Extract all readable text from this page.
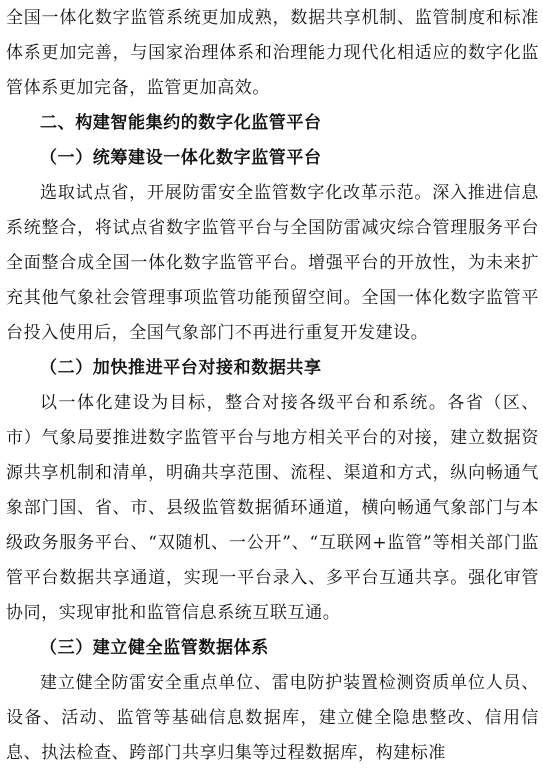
全国一体化数字监管系统更加成熟，数据共享机制、监管制度和标准体系更加完善，与国家治理体系和治理能力现代化相适应的数字化监管体系更加完备，监管更加高效。

二、构建智能集约的数字化监管平台

（一）统筹建设一体化数字监管平台

选取试点省，开展防雷安全监管数字化改革示范。深入推进信息系统整合，将试点省数字监管平台与全国防雷减灾综合管理服务平台全面整合成全国一体化数字监管平台。增强平台的开放性，为未来扩充其他气象社会管理事项监管功能预留空间。全国一体化数字监管平台投入使用后，全国气象部门不再进行重复开发建设。

（二）加快推进平台对接和数据共享

以一体化建设为目标，整合对接各级平台和系统。各省（区、市）气象局要推进数字监管平台与地方相关平台的对接，建立数据资源共享机制和清单，明确共享范围、流程、渠道和方式，纵向畅通气象部门国、省、市、县级监管数据循环通道，横向畅通气象部门与本级政务服务平台、“双随机、一公开”、“互联网+监管”等相关部门监管平台数据共享通道，实现一平台录入、多平台互通共享。强化审管协同，实现审批和监管信息系统互联互通。

（三）建立健全监管数据体系

建立健全防雷安全重点单位、雷电防护装置检测资质单位人员、设备、活动、监管等基础信息数据库，建立健全隐患整改、信用信息、执法检查、跨部门共享归集等过程数据库，构建标准
